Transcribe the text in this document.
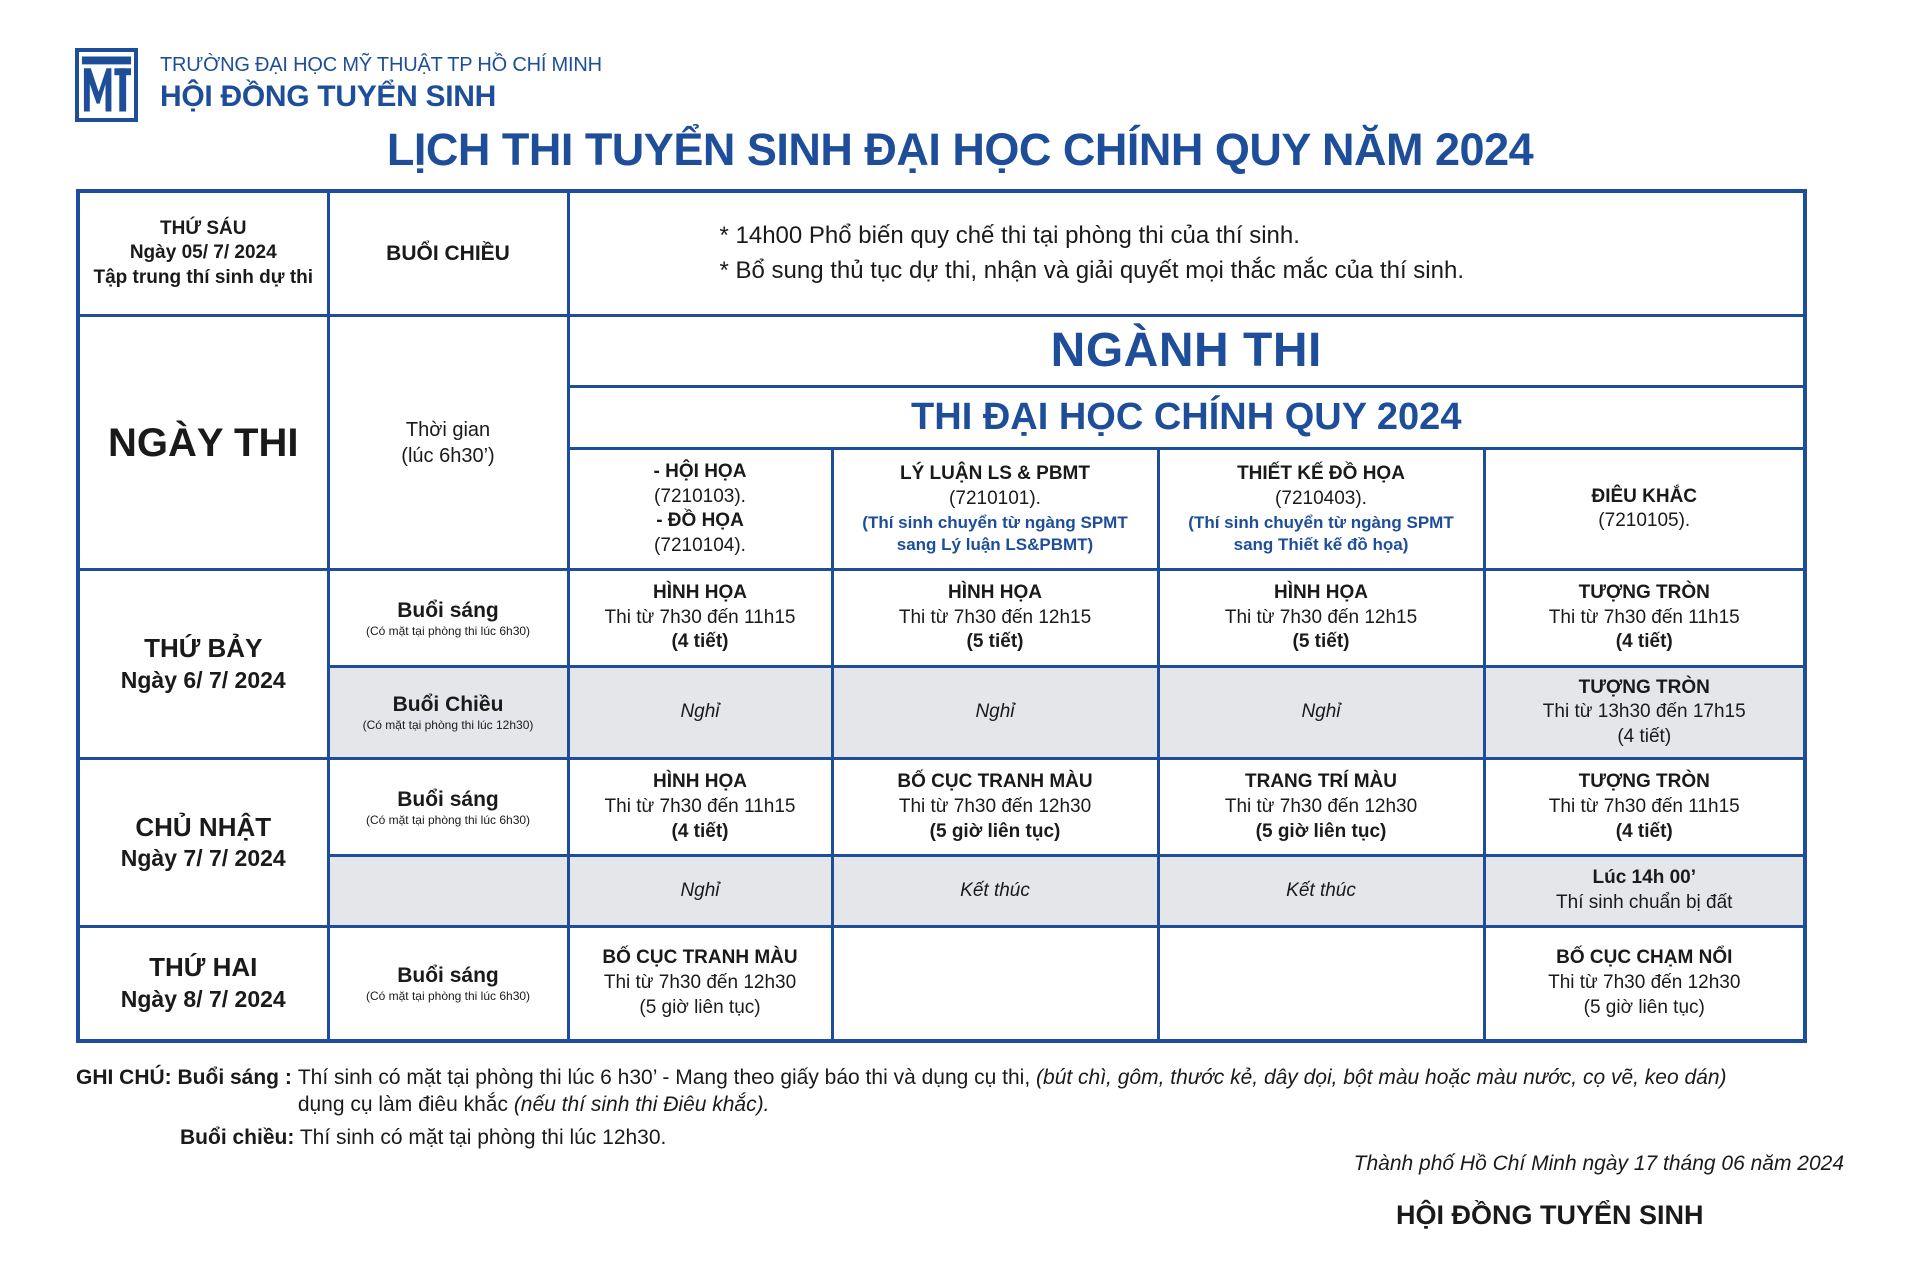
TRƯỜNG ĐẠI HỌC MỸ THUẬT TP HỒ CHÍ MINH
HỘI ĐỒNG TUYỂN SINH
LỊCH THI TUYỂN SINH ĐẠI HỌC CHÍNH QUY NĂM 2024
THỨ SÁU
Ngày 05/ 7/ 2024
Tập trung thí sinh dự thi	BUỔI CHIỀU	* 14h00 Phổ biến quy chế thi tại phòng thi của thí sinh.
* Bổ sung thủ tục dự thi, nhận và giải quyết mọi thắc mắc của thí sinh.			

NGÀY THI	Thời gian
(lúc 6h30’)	NGÀNH THI			
		THI ĐẠI HỌC CHÍNH QUY 2024			

		- HỘI HỌA
(7210103).
- ĐỒ HỌA
(7210104).	LÝ LUẬN LS & PBMT
(7210101).
(Thí sinh chuyển từ ngàng SPMT
sang Lý luận LS&PBMT)	THIẾT KẾ ĐỒ HỌA
(7210403).
(Thí sinh chuyển từ ngàng SPMT
sang Thiết kế đồ họa)	ĐIÊU KHẮC
(7210105).

THỨ BẢY
Ngày 6/ 7/ 2024	Buổi sáng
(Có mặt tại phòng thi lúc 6h30)	HÌNH HỌA
Thi từ 7h30 đến 11h15
(4 tiết)	HÌNH HỌA
Thi từ 7h30 đến 12h15
(5 tiết)	HÌNH HỌA
Thi từ 7h30 đến 12h15
(5 tiết)	TƯỢNG TRÒN
Thi từ 7h30 đến 11h15
(4 tiết)

	Buổi Chiều
(Có mặt tại phòng thi lúc 12h30)	Nghỉ	Nghỉ	Nghỉ	TƯỢNG TRÒN
Thi từ 13h30 đến 17h15
(4 tiết)

CHỦ NHẬT
Ngày 7/ 7/ 2024	Buổi sáng
(Có mặt tại phòng thi lúc 6h30)	HÌNH HỌA
Thi từ 7h30 đến 11h15
(4 tiết)	BỐ CỤC TRANH MÀU
Thi từ 7h30 đến 12h30
(5 giờ liên tục)	TRANG TRÍ MÀU
Thi từ 7h30 đến 12h30
(5 giờ liên tục)	TƯỢNG TRÒN
Thi từ 7h30 đến 11h15
(4 tiết)

		Nghỉ	Kết thúc	Kết thúc	Lúc 14h 00’
Thí sinh chuẩn bị đất

THỨ HAI
Ngày 8/ 7/ 2024	Buổi sáng
(Có mặt tại phòng thi lúc 6h30)	BỐ CỤC TRANH MÀU
Thi từ 7h30 đến 12h30
(5 giờ liên tục)			BỐ CỤC CHẠM NỔI
Thi từ 7h30 đến 12h30
(5 giờ liên tục)
GHI CHÚ: Buổi sáng : Thí sinh có mặt tại phòng thi lúc 6 h30’ - Mang theo giấy báo thi và dụng cụ thi, (bút chì, gôm, thước kẻ, dây dọi, bột màu hoặc màu nước, cọ vẽ, keo dán)
dụng cụ làm điêu khắc (nếu thí sinh thi Điêu khắc).
Buổi chiều: Thí sinh có mặt tại phòng thi lúc 12h30.
Thành phố Hồ Chí Minh ngày 17 tháng 06 năm 2024
HỘI ĐỒNG TUYỂN SINH
